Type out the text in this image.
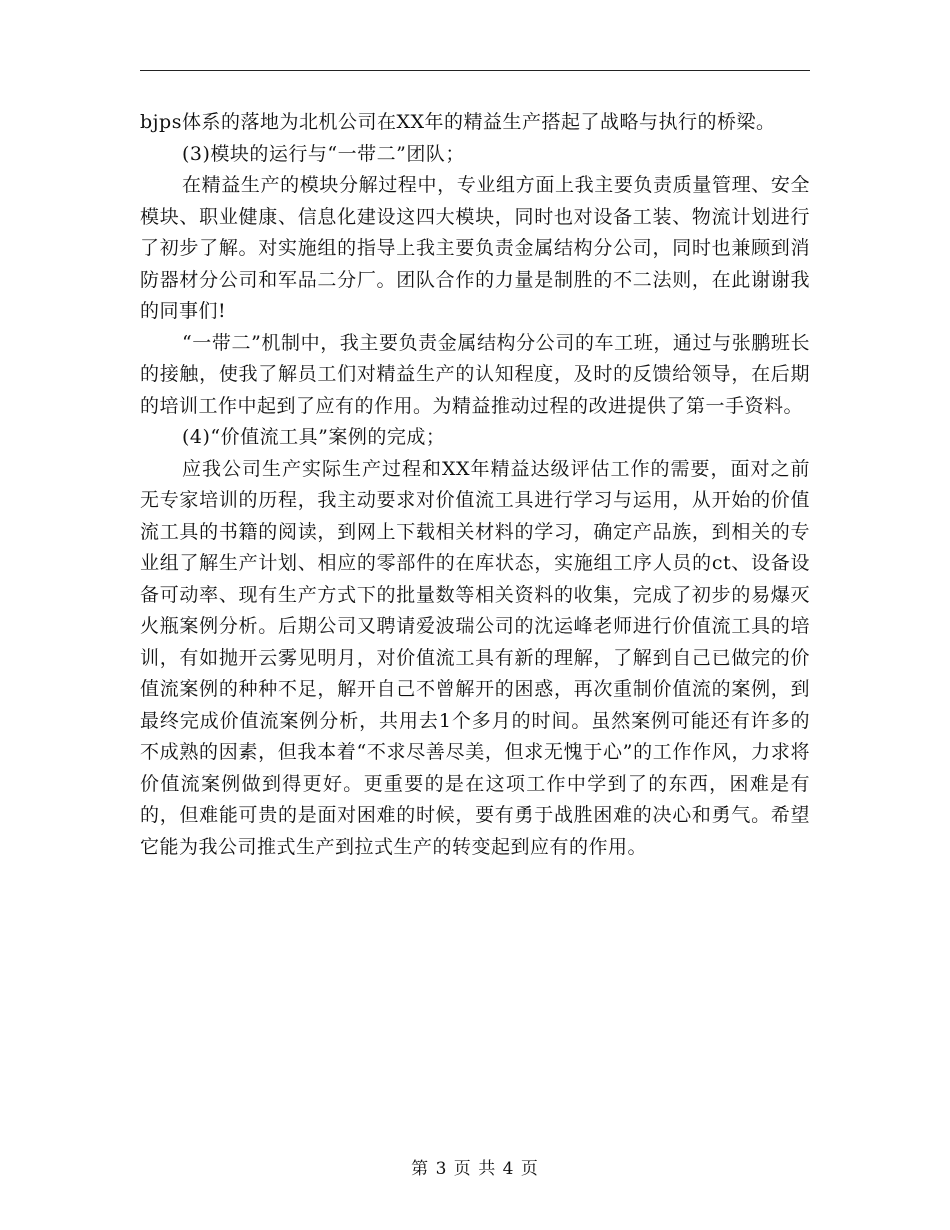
bjps体系的落地为北机公司在XX年的精益生产搭起了战略与执行的桥梁。

(3)模块的运行与“一带二”团队；

在精益生产的模块分解过程中，专业组方面上我主要负责质量管理、安全模块、职业健康、信息化建设这四大模块，同时也对设备工装、物流计划进行了初步了解。对实施组的指导上我主要负责金属结构分公司，同时也兼顾到消防器材分公司和军品二分厂。团队合作的力量是制胜的不二法则，在此谢谢我的同事们!

“一带二”机制中，我主要负责金属结构分公司的车工班，通过与张鹏班长的接触，使我了解员工们对精益生产的认知程度，及时的反馈给领导，在后期的培训工作中起到了应有的作用。为精益推动过程的改进提供了第一手资料。

(4)“价值流工具”案例的完成；

应我公司生产实际生产过程和XX年精益达级评估工作的需要，面对之前无专家培训的历程，我主动要求对价值流工具进行学习与运用，从开始的价值流工具的书籍的阅读，到网上下载相关材料的学习，确定产品族，到相关的专业组了解生产计划、相应的零部件的在库状态，实施组工序人员的ct、设备设备可动率、现有生产方式下的批量数等相关资料的收集，完成了初步的易爆灭火瓶案例分析。后期公司又聘请爱波瑞公司的沈运峰老师进行价值流工具的培训，有如抛开云雾见明月，对价值流工具有新的理解，了解到自己已做完的价值流案例的种种不足，解开自己不曾解开的困惑，再次重制价值流的案例，到最终完成价值流案例分析，共用去1个多月的时间。虽然案例可能还有许多的不成熟的因素，但我本着“不求尽善尽美，但求无愧于心”的工作作风，力求将价值流案例做到得更好。更重要的是在这项工作中学到了的东西，困难是有的，但难能可贵的是面对困难的时候，要有勇于战胜困难的决心和勇气。希望它能为我公司推式生产到拉式生产的转变起到应有的作用。

第 3 页 共 4 页
